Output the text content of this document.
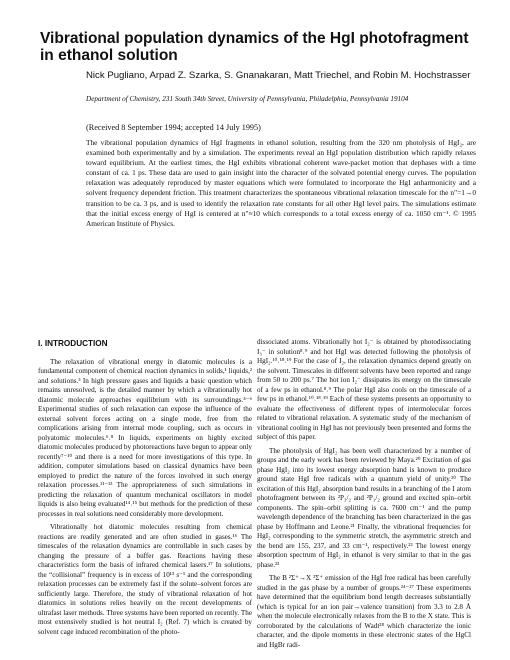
Vibrational population dynamics of the HgI photofragment in ethanol solution

Nick Pugliano, Arpad Z. Szarka, S. Gnanakaran, Matt Triechel, and Robin M. Hochstrasser

Department of Chemistry, 231 South 34th Street, University of Pennsylvania, Philadelphia, Pennsylvania 19104

(Received 8 September 1994; accepted 14 July 1995)

The vibrational population dynamics of HgI fragments in ethanol solution, resulting from the 320 nm photolysis of HgI₂, are examined both experimentally and by a simulation. The experiments reveal an HgI population distribution which rapidly relaxes toward equilibrium. At the earliest times, the HgI exhibits vibrational coherent wave-packet motion that dephases with a time constant of ca. 1 ps. These data are used to gain insight into the character of the solvated potential energy curves. The population relaxation was adequately reproduced by master equations which were formulated to incorporate the HgI anharmonicity and a solvent frequency dependent friction. This treatment characterizes the spontaneous vibrational relaxation timescale for the n″=1→0 transition to be ca. 3 ps, and is used to identify the relaxation rate constants for all other HgI level pairs. The simulations estimate that the initial excess energy of HgI is centered at n″≈10 which corresponds to a total excess energy of ca. 1050 cm⁻¹. © 1995 American Institute of Physics.

I. INTRODUCTION

The relaxation of vibrational energy in diatomic molecules is a fundamental component of chemical reaction dynamics in solids,¹ liquids,² and solutions.³ In high pressure gases and liquids a basic question which remains unresolved, is the detailed manner by which a vibrationally hot diatomic molecule approaches equilibrium with its surroundings.⁴⁻⁶ Experimental studies of such relaxation can expose the influence of the external solvent forces acting on a single mode, free from the complications arising from internal mode coupling, such as occurs in polyatomic molecules.⁶˒⁸ In liquids, experiments on highly excited diatomic molecules produced by photoreactions have begun to appear only recently⁷⁻¹⁰ and there is a need for more investigations of this type. In addition, computer simulations based on classical dynamics have been employed to predict the nature of the forces involved in such energy relaxation processes.¹¹⁻¹³ The appropriateness of such simulations in predicting the relaxation of quantum mechanical oscillators in model liquids is also being evaluated¹⁴˒¹⁵ but methods for the prediction of these processes in real solutions need considerably more development.

Vibrationally hot diatomic molecules resulting from chemical reactions are readily generated and are often studied in gases.¹⁶ The timescales of the relaxation dynamics are controllable in such cases by changing the pressure of a buffer gas. Reactions having these characteristics form the basis of infrared chemical lasers.¹⁷ In solutions, the “collisional” frequency is in excess of 10¹³ s⁻¹ and the corresponding relaxation processes can be extremely fast if the solute–solvent forces are sufficiently large. Therefore, the study of vibrational relaxation of hot diatomics in solutions relies heavily on the recent developments of ultrafast laser methods. Three systems have been reported on recently. The most extensively studied is hot neutral I₂ (Ref. 7) which is created by solvent cage induced recombination of the photo-

dissociated atoms. Vibrationally hot I₂⁻ is obtained by photodissociating I₃⁻ in solution⁸˒⁹ and hot HgI was detected following the photolysis of HgI₂.¹⁰˒¹⁸˒¹⁹ For the case of I₂, the relaxation dynamics depend greatly on the solvent. Timescales in different solvents have been reported and range from 50 to 200 ps.⁷ The hot ion I₂⁻ dissipates its energy on the timescale of a few ps in ethanol.⁸˒⁹ The polar HgI also cools on the timescale of a few ps in ethanol.¹⁰˒¹⁸˒¹⁹ Each of these systems presents an opportunity to evaluate the effectiveness of different types of intermolecular forces related to vibrational relaxation. A systematic study of the mechanism of vibrational cooling in HgI has not previously been presented and forms the subject of this paper.

The photolysis of HgI₂ has been well characterized by a number of groups and the early work has been reviewed by Maya.²⁰ Excitation of gas phase HgI₂ into its lowest energy absorption band is known to produce ground state HgI free radicals with a quantum yield of unity.²⁰ The excitation of this HgI₂ absorption band results in a branching of the I atom photofragment between its ²P₃/₂ and ²P₁/₂ ground and excited spin–orbit components. The spin–orbit splitting is ca. 7600 cm⁻¹ and the pump wavelength dependence of the branching has been characterized in the gas phase by Hoffmann and Leone.²¹ Finally, the vibrational frequencies for HgI₂ corresponding to the symmetric stretch, the asymmetric stretch and the bend are 155, 237, and 33 cm⁻¹, respectively.²² The lowest energy absorption spectrum of HgI₂ in ethanol is very similar to that in the gas phase.²³

The B ²Σ⁺→X ²Σ⁺ emission of the HgI free radical has been carefully studied in the gas phase by a number of groups.²⁴⁻²⁷ These experiments have determined that the equilibrium bond length decreases substantially (which is typical for an ion pair→valence transition) from 3.3 to 2.8 Å when the molecule electronically relaxes from the B to the X state. This is corroborated by the calculations of Wadt²⁸ which characterize the ionic character, and the dipole moments in these electronic states of the HgCl and HgBr radi-
